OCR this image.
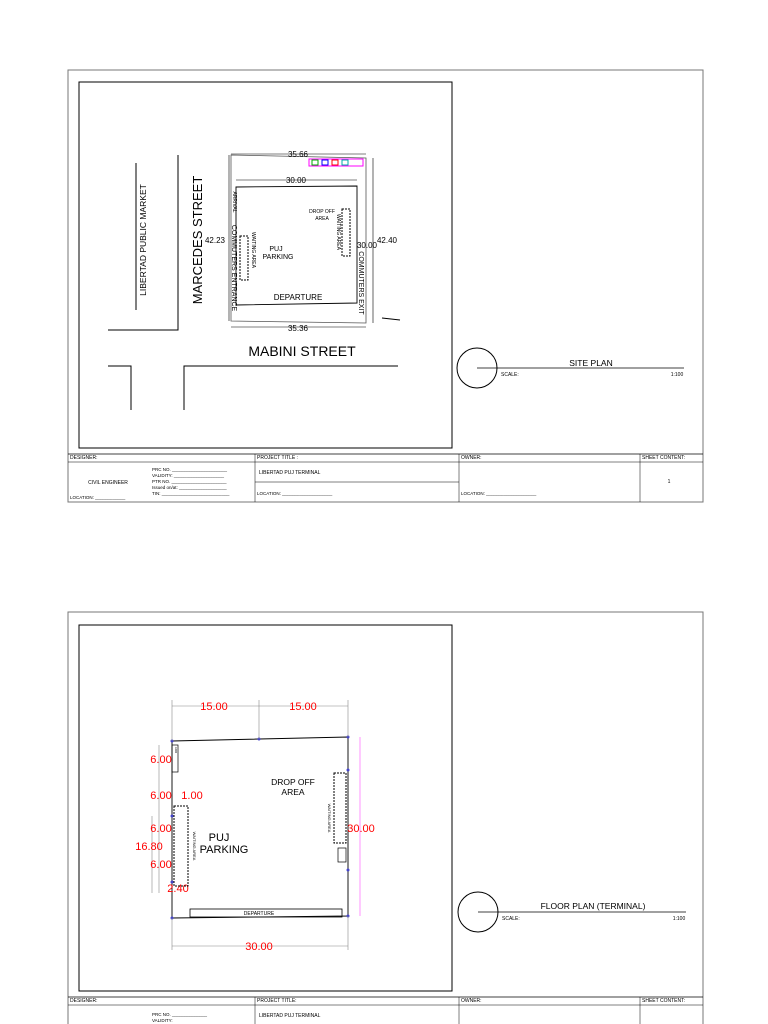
LIBERTAD PUBLIC MARKET	MARCEDES STREET
MABINI STREET
35.66
30.00
42.23	42.40
30.00
35.36
ARRIVAL
COMMUTERS ENTRANCE	WAITING AREA PUJ
PARKING
DROP OFF
AREA WAITING AREA
COMMUTERS EXIT
DEPARTURE
SITE PLAN
SCALE:	1:100
DESIGNER:	PROJECT TITLE :	OWNER:	SHEET CONTENT:
PRC NO. ______________________
VALIDITY: ____________________
PTR NO. ______________________
Issued on/at: ___________________
TIN: ___________________________
CIVIL ENGINEER
LOCATION: ____________
LIBERTAD PUJ TERMINAL
LOCATION: ____________________	LOCATION: ____________________
1
DEPARTURE
15.00	15.00
30.00
30.00
6.00
6.00 1.00
6.00
16.80
6.00
2.40
ARR
WAITING AREA
WAITING AREA
DROP OFF
AREA
PUJ
PARKING
FLOOR PLAN (TERMINAL)
SCALE:	1:100
DESIGNER:	PROJECT TITLE:	OWNER:	SHEET CONTENT:
PRC NO. ______________
VALIDITY:
LIBERTAD PUJ TERMINAL
